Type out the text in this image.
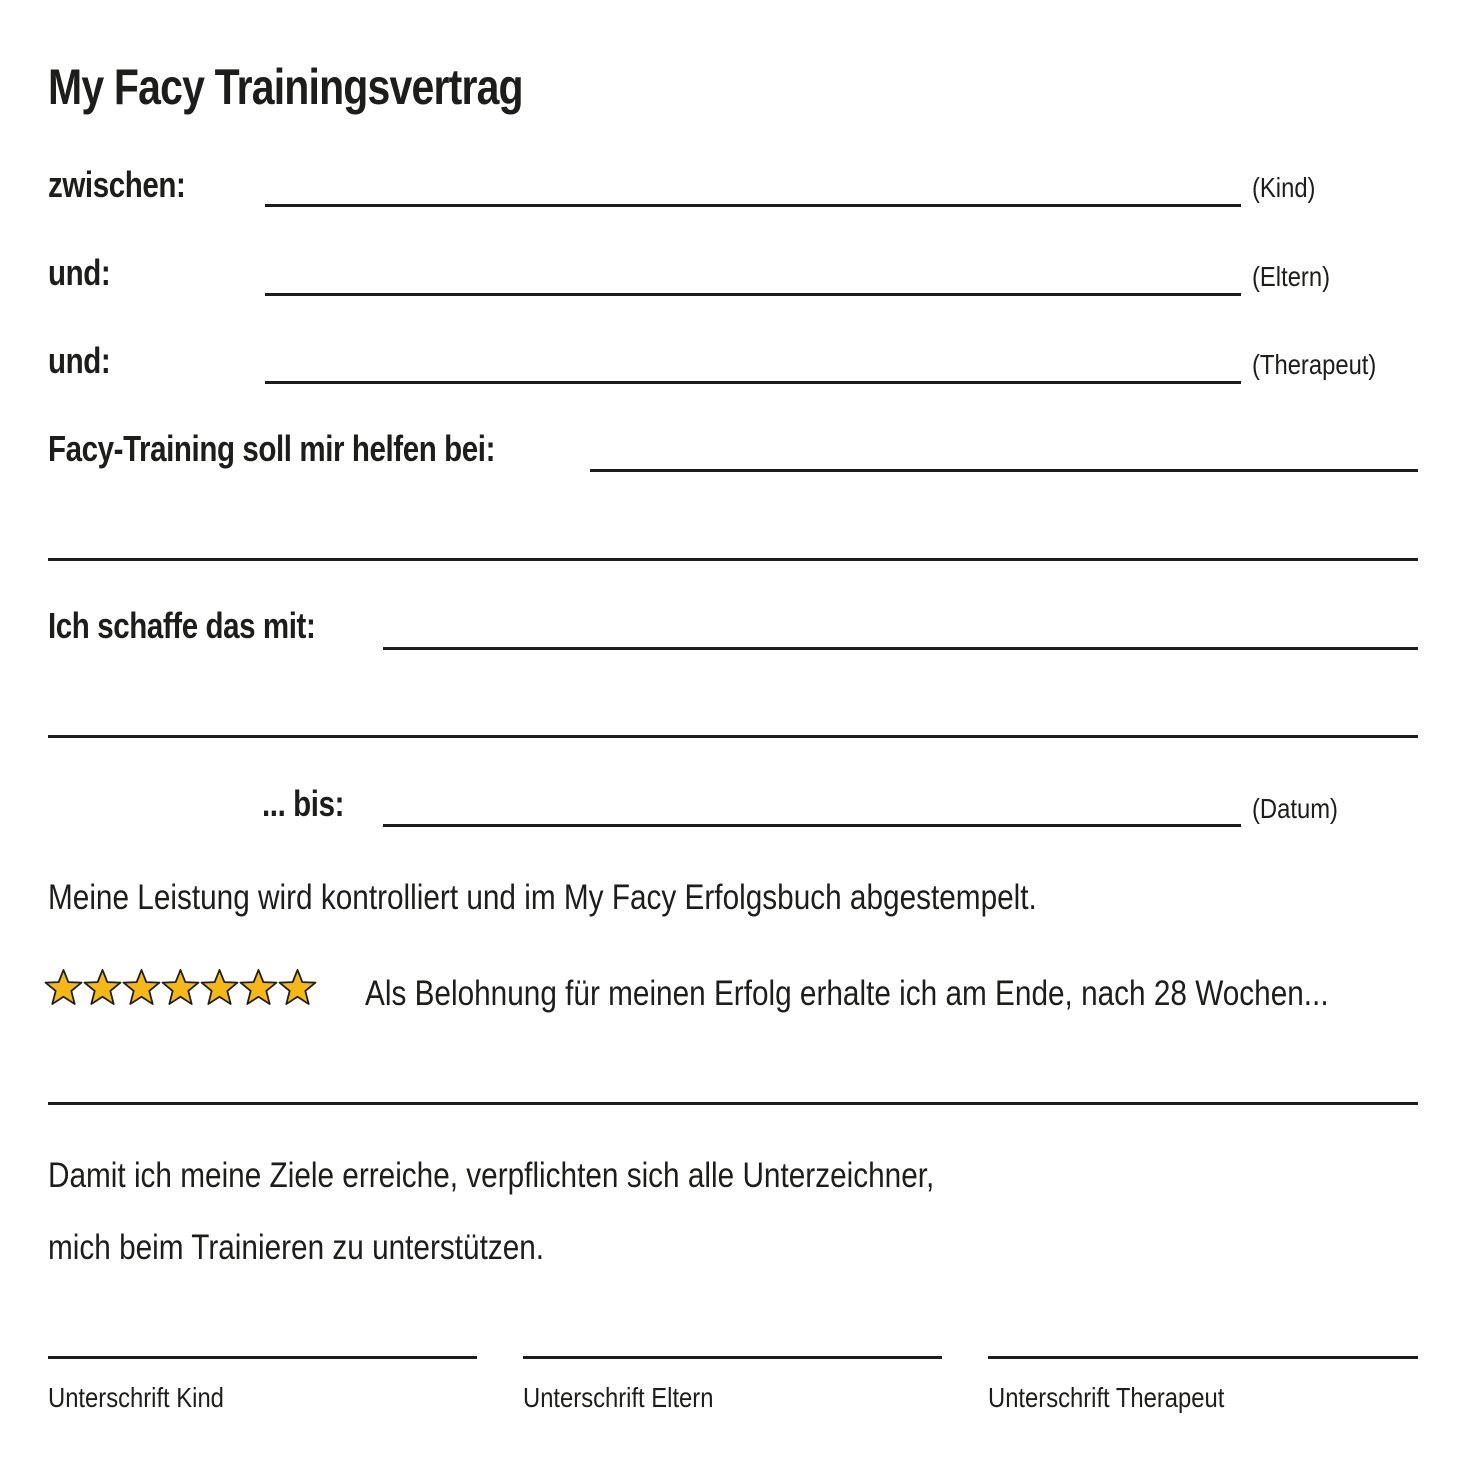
My Facy Trainingsvertrag
zwischen:	(Kind)
und:	(Eltern)
und:	(Therapeut)
Facy-Training soll mir helfen bei:
Ich schaffe das mit:
... bis:	(Datum)
Meine Leistung wird kontrolliert und im My Facy Erfolgsbuch abgestempelt.
Als Belohnung für meinen Erfolg erhalte ich am Ende, nach 28 Wochen...
Damit ich meine Ziele erreiche, verpflichten sich alle Unterzeichner,
mich beim Trainieren zu unterstützen.
Unterschrift Kind	Unterschrift Eltern	Unterschrift Therapeut
